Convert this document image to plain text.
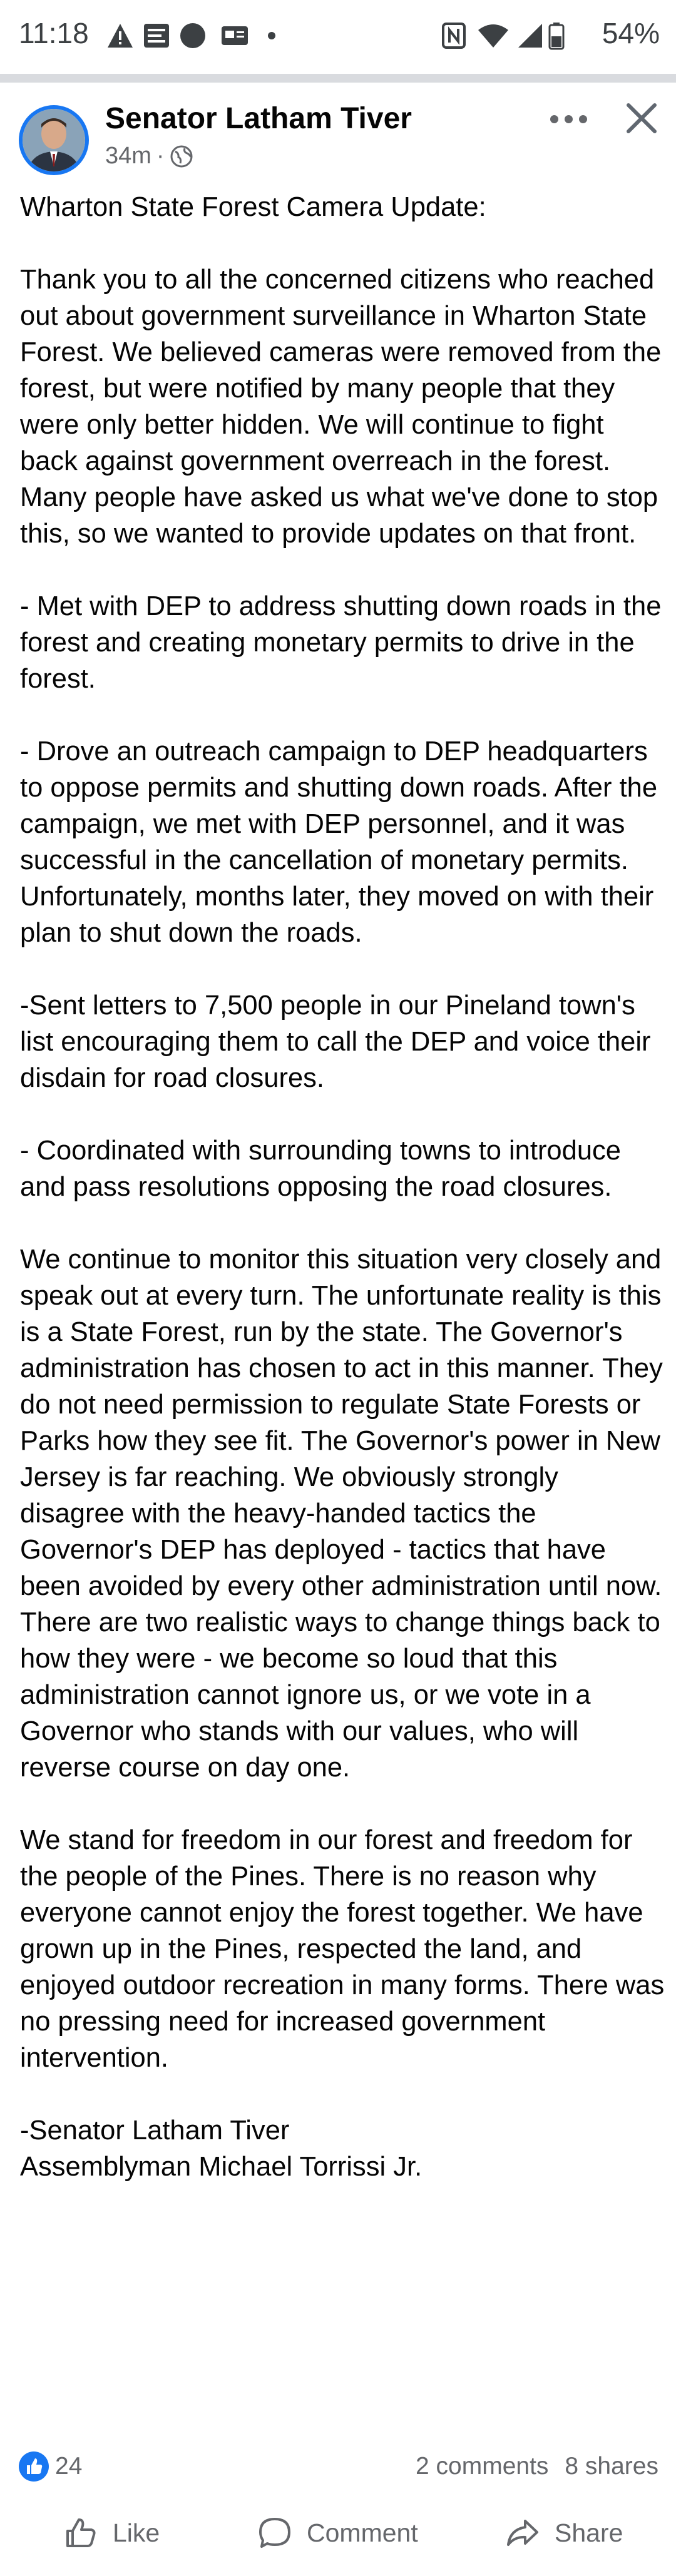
11:18	54%
Senator Latham Tiver
34m ·
Wharton State Forest Camera Update:

Thank you to all the concerned citizens who reached out about government surveillance in Wharton State Forest. We believed cameras were removed from the forest, but were notified by many people that they were only better hidden. We will continue to fight back against government overreach in the forest. Many people have asked us what we've done to stop this, so we wanted to provide updates on that front.

- Met with DEP to address shutting down roads in the forest and creating monetary permits to drive in the forest.

- Drove an outreach campaign to DEP headquarters to oppose permits and shutting down roads. After the campaign, we met with DEP personnel, and it was successful in the cancellation of monetary permits. Unfortunately, months later, they moved on with their plan to shut down the roads.

-Sent letters to 7,500 people in our Pineland town's list encouraging them to call the DEP and voice their disdain for road closures.

- Coordinated with surrounding towns to introduce and pass resolutions opposing the road closures.

We continue to monitor this situation very closely and speak out at every turn. The unfortunate reality is this is a State Forest, run by the state. The Governor's administration has chosen to act in this manner. They do not need permission to regulate State Forests or Parks how they see fit. The Governor's power in New Jersey is far reaching. We obviously strongly disagree with the heavy-handed tactics the Governor's DEP has deployed - tactics that have been avoided by every other administration until now. There are two realistic ways to change things back to how they were - we become so loud that this administration cannot ignore us, or we vote in a Governor who stands with our values, who will reverse course on day one.

We stand for freedom in our forest and freedom for the people of the Pines. There is no reason why everyone cannot enjoy the forest together. We have grown up in the Pines, respected the land, and enjoyed outdoor recreation in many forms. There was no pressing need for increased government intervention.

-Senator Latham Tiver
Assemblyman Michael Torrissi Jr.
24	2 comments 8 shares
Like	Comment	Share
